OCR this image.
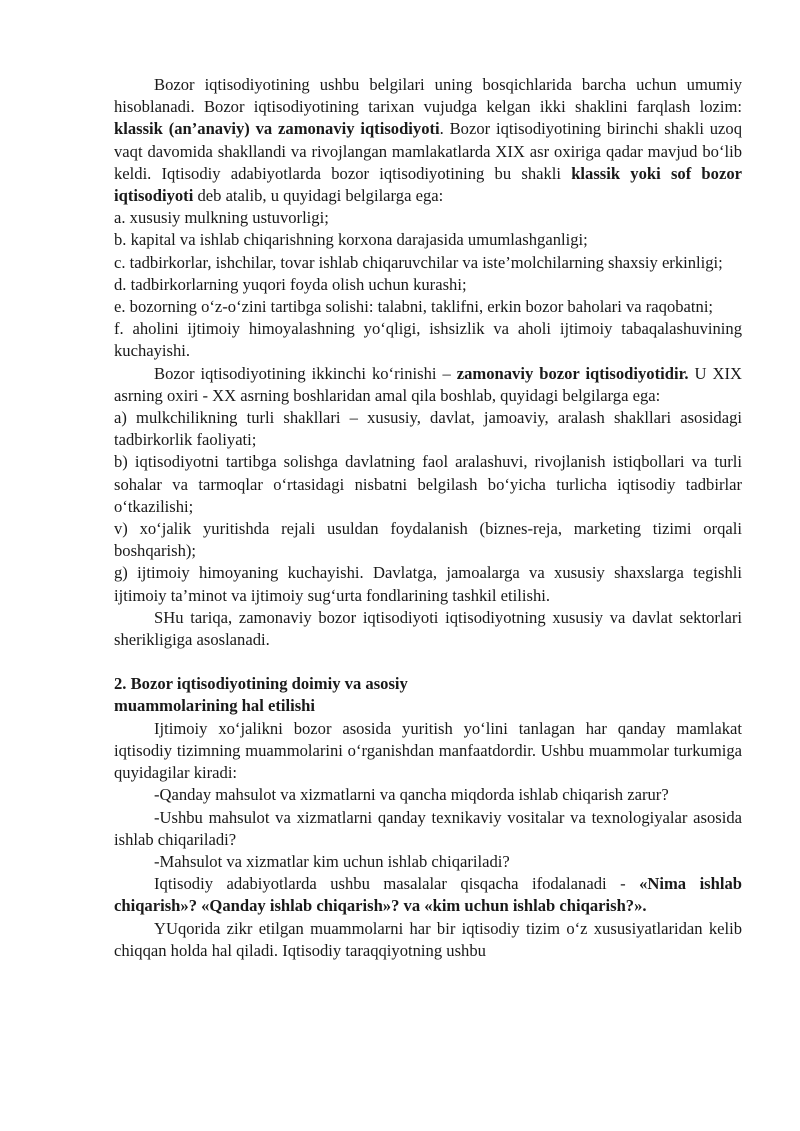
Bozor iqtisodiyotining ushbu belgilari uning bosqichlarida barcha uchun umumiy hisoblanadi. Bozor iqtisodiyotining tarixan vujudga kelgan ikki shaklini farqlash lozim: klassik (an’anaviy) va zamonaviy iqtisodiyoti. Bozor iqtisodiyotining birinchi shakli uzoq vaqt davomida shakllandi va rivojlangan mamlakatlarda XIX asr oxiriga qadar mavjud bo‘lib keldi. Iqtisodiy adabiyotlarda bozor iqtisodiyotining bu shakli klassik yoki sof bozor iqtisodiyoti deb atalib, u quyidagi belgilarga ega:

a. xususiy mulkning ustuvorligi;

b. kapital va ishlab chiqarishning korxona darajasida umumlashganligi;

c. tadbirkorlar, ishchilar, tovar ishlab chiqaruvchilar va iste’molchilarning shaxsiy erkinligi;

d. tadbirkorlarning yuqori foyda olish uchun kurashi;

e. bozorning o‘z-o‘zini tartibga solishi: talabni, taklifni, erkin bozor baholari va raqobatni;

f. aholini ijtimoiy himoyalashning yo‘qligi, ishsizlik va aholi ijtimoiy tabaqalashuvining kuchayishi.

Bozor iqtisodiyotining ikkinchi ko‘rinishi – zamonaviy bozor iqtisodiyotidir. U XIX asrning oxiri - XX asrning boshlaridan amal qila boshlab, quyidagi belgilarga ega:

a) mulkchilikning turli shakllari – xususiy, davlat, jamoaviy, aralash shakllari asosidagi tadbirkorlik faoliyati;

b) iqtisodiyotni tartibga solishga davlatning faol aralashuvi, rivojlanish istiqbollari va turli sohalar va tarmoqlar o‘rtasidagi nisbatni belgilash bo‘yicha turlicha iqtisodiy tadbirlar o‘tkazilishi;

v) xo‘jalik yuritishda rejali usuldan foydalanish (biznes-reja, marketing tizimi orqali boshqarish);

g) ijtimoiy himoyaning kuchayishi. Davlatga, jamoalarga va xususiy shaxslarga tegishli ijtimoiy ta’minot va ijtimoiy sug‘urta fondlarining tashkil etilishi.

SHu tariqa, zamonaviy bozor iqtisodiyoti iqtisodiyotning xususiy va davlat sektorlari sherikligiga asoslanadi.

2. Bozor iqtisodiyotining doimiy va asosiy

muammolarining hal etilishi

Ijtimoiy xo‘jalikni bozor asosida yuritish yo‘lini tanlagan har qanday mamlakat iqtisodiy tizimning muammolarini o‘rganishdan manfaatdordir. Ushbu muammolar turkumiga quyidagilar kiradi:

-Qanday mahsulot va xizmatlarni va qancha miqdorda ishlab chiqarish zarur?

-Ushbu mahsulot va xizmatlarni qanday texnikaviy vositalar va texnologiyalar asosida ishlab chiqariladi?

-Mahsulot va xizmatlar kim uchun ishlab chiqariladi?

Iqtisodiy adabiyotlarda ushbu masalalar qisqacha ifodalanadi - «Nima ishlab chiqarish»? «Qanday ishlab chiqarish»? va «kim uchun ishlab chiqarish?».

YUqorida zikr etilgan muammolarni har bir iqtisodiy tizim o‘z xususiyatlaridan kelib chiqqan holda hal qiladi. Iqtisodiy taraqqiyotning ushbu
